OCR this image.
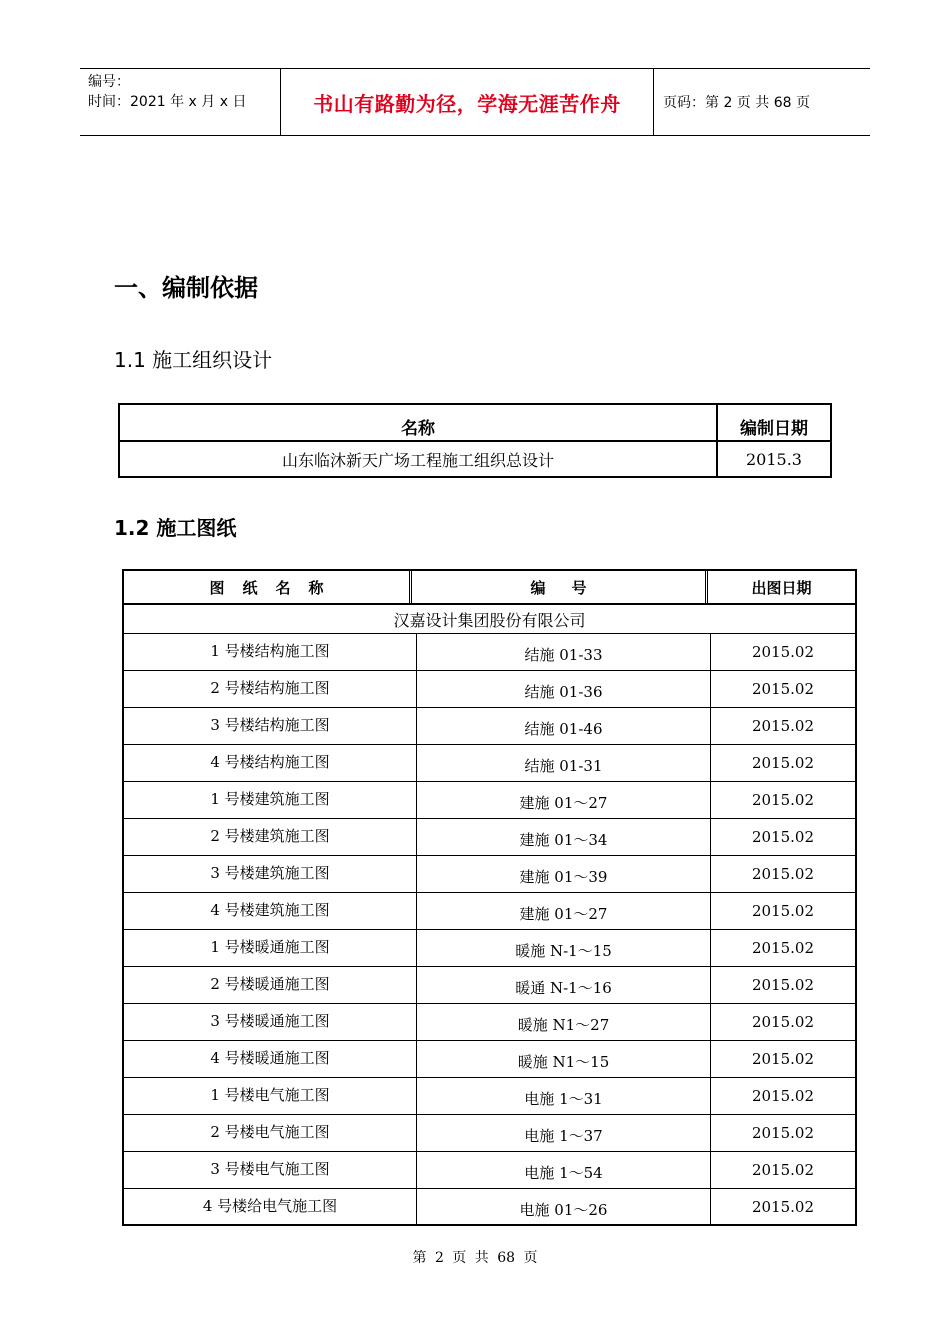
编号：
时间：2021 年 x 月 x 日	书山有路勤为径，学海无涯苦作舟	页码：第 2 页 共 68 页
一、编制依据
1.1 施工组织设计
名称	编制日期
山东临沐新天广场工程施工组织总设计	2015.3
1.2 施工图纸
图纸名称	编号	出图日期
汉嘉设计集团股份有限公司
1 号楼结构施工图	结施 01-33	2015.02
2 号楼结构施工图	结施 01-36	2015.02
3 号楼结构施工图	结施 01-46	2015.02
4 号楼结构施工图	结施 01-31	2015.02
1 号楼建筑施工图	建施 01～27	2015.02
2 号楼建筑施工图	建施 01～34	2015.02
3 号楼建筑施工图	建施 01～39	2015.02
4 号楼建筑施工图	建施 01～27	2015.02
1 号楼暖通施工图	暖施 N-1～15	2015.02
2 号楼暖通施工图	暖通 N-1～16	2015.02
3 号楼暖通施工图	暖施 N1～27	2015.02
4 号楼暖通施工图	暖施 N1～15	2015.02
1 号楼电气施工图	电施 1～31	2015.02
2 号楼电气施工图	电施 1～37	2015.02
3 号楼电气施工图	电施 1～54	2015.02
4 号楼给电气施工图	电施 01～26	2015.02
第 2 页 共 68 页
